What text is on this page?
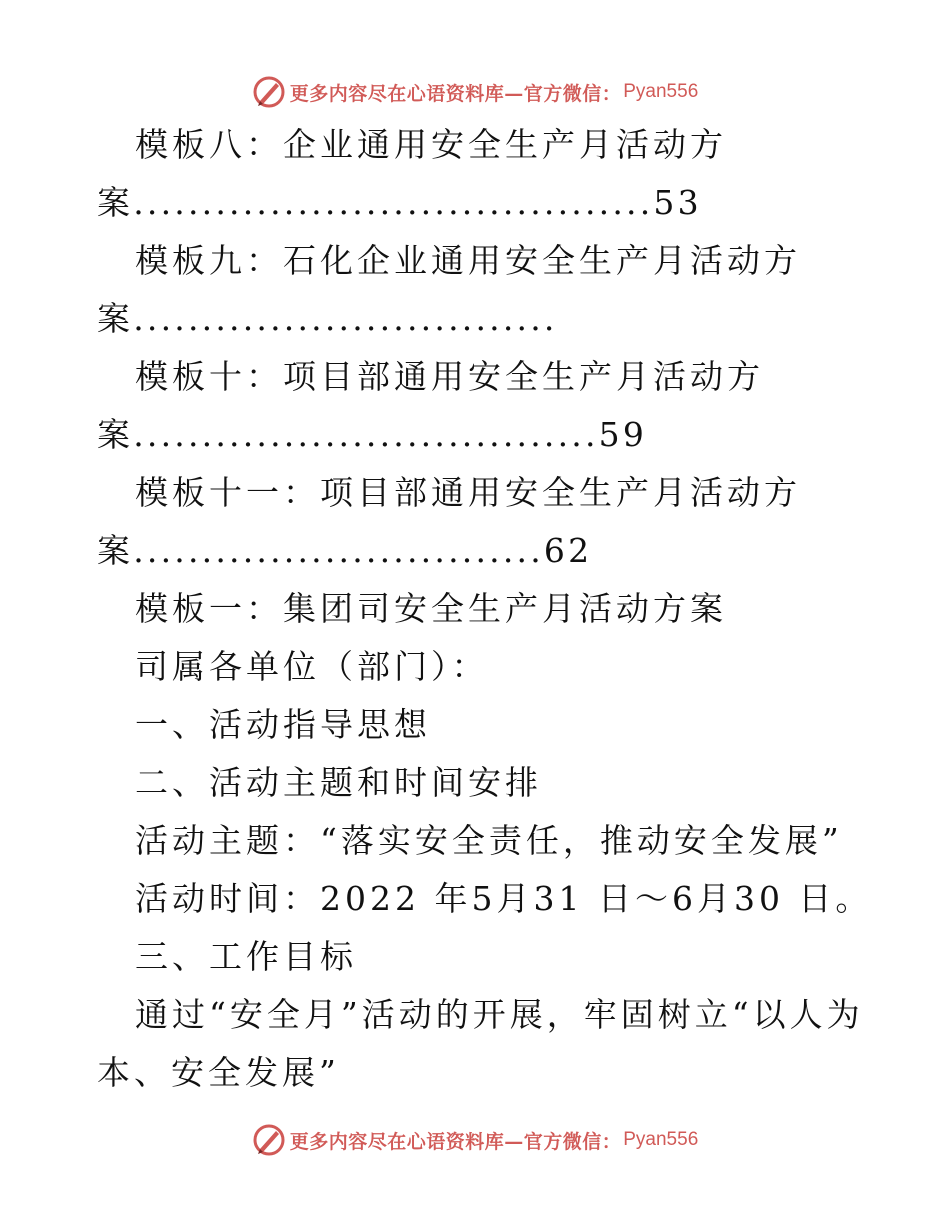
更多内容尽在心语资料库—官方微信： Pyan556
模板八：企业通用安全生产月活动方
案......................................53
模板九：石化企业通用安全生产月活动方
案...............................
模板十：项目部通用安全生产月活动方
案..................................59
模板十一：项目部通用安全生产月活动方
案..............................62
模板一：集团司安全生产月活动方案
司属各单位（部门）：
一、活动指导思想
二、活动主题和时间安排
活动主题：“落实安全责任，推动安全发展”
活动时间：2022 年5月31 日～6月30 日。
三、工作目标
通过“安全月”活动的开展，牢固树立“以人为
本、安全发展”
更多内容尽在心语资料库—官方微信： Pyan556
